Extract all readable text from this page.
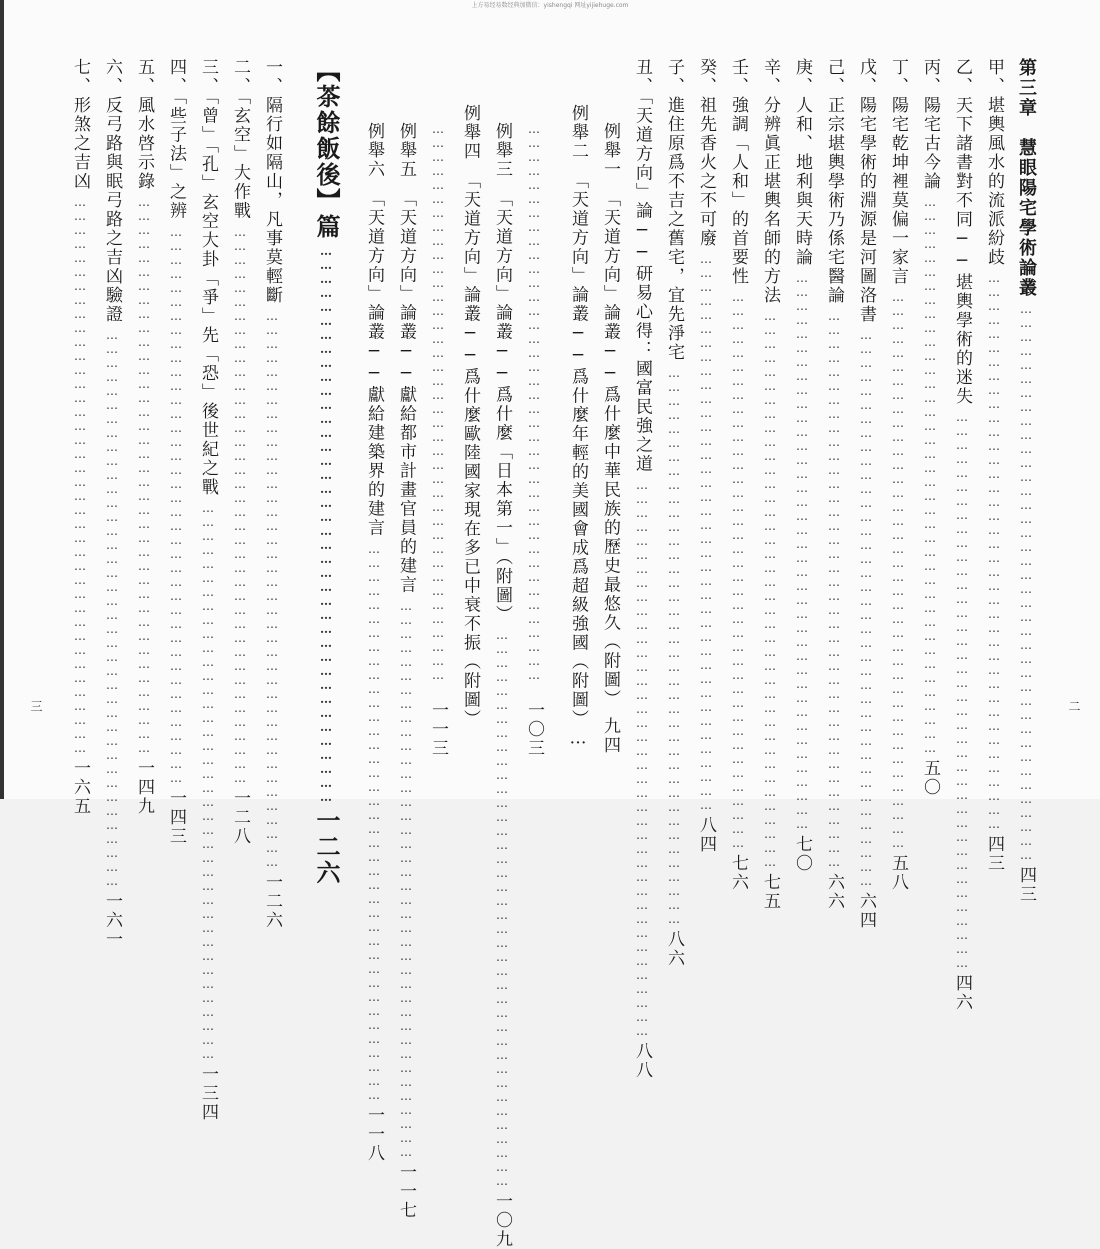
上方易经易数经典加微信：yishengqi 网址yijiehuge.com
二
三
第三章　慧眼陽宅學術論叢
…………………………………………………………………………………………………………
四三
甲、堪輿風水的流派紛歧
…………………………………………………………………………………………………………
四三
乙、天下諸書對不同──堪輿學術的迷失
…………………………………………………………………………………………………………
四六
丙、陽宅古今論
…………………………………………………………………………………………………………
五〇
丁、陽宅乾坤裡莫偏一家言
…………………………………………………………………………………………………………
五八
戊、陽宅學術的淵源是河圖洛書
…………………………………………………………………………………………………………
六四
己、正宗堪輿學術乃係宅醫論
…………………………………………………………………………………………………………
六六
庚、人和、地利與天時論
…………………………………………………………………………………………………………
七〇
辛、分辨眞正堪輿名師的方法
…………………………………………………………………………………………………………
七五
壬、強調「人和」的首要性
…………………………………………………………………………………………………………
七六
癸、祖先香火之不可廢
…………………………………………………………………………………………………………
八四
子、進住原爲不吉之舊宅，宜先淨宅
…………………………………………………………………………………………………………
八六
丑、「天道方向」論──研易心得：國富民強之道
…………………………………………………………………………………………………………
八八
例舉一　「天道方向」論叢──爲什麼中華民族的歷史最悠久（附圖）
九四
例舉二　「天道方向」論叢──爲什麼年輕的美國會成爲超級強國（附圖）…
…………………………………………………………………………………………………………
一〇三
例舉三　「天道方向」論叢──爲什麼「日本第一」（附圖）
…………………………………………………………………………………………………………
一〇九
例舉四　「天道方向」論叢──爲什麼歐陸國家現在多已中衰不振（附圖）
…………………………………………………………………………………………………………
一一三
例舉五　「天道方向」論叢──獻給都市計畫官員的建言
…………………………………………………………………………………………………………
一一七
例舉六　「天道方向」論叢──獻給建築界的建言
…………………………………………………………………………………………………………
一一八
【茶餘飯後】篇
…………………………………………………………………………………………………………
一二六
一、隔行如隔山，凡事莫輕斷
…………………………………………………………………………………………………………
一二六
二、「玄空」大作戰
…………………………………………………………………………………………………………
一二八
三、「曾」「孔」玄空大卦「爭」先「恐」後世紀之戰
…………………………………………………………………………………………………………
一三四
四、「些子法」之辨
…………………………………………………………………………………………………………
一四三
五、風水啓示錄
…………………………………………………………………………………………………………
一四九
六、反弓路與眠弓路之吉凶驗證
…………………………………………………………………………………………………………
一六一
七、形煞之吉凶
…………………………………………………………………………………………………………
一六五
